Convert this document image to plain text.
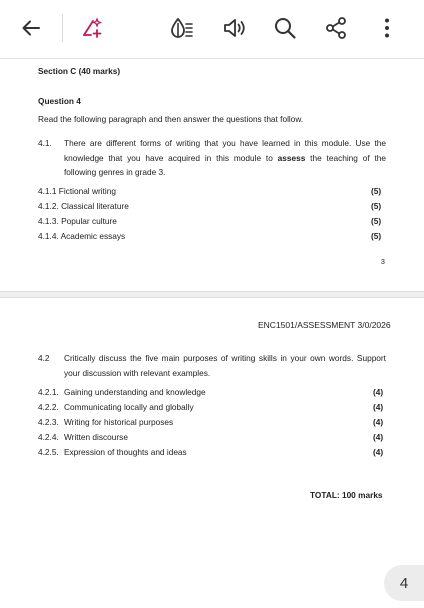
Section C (40 marks)
Question 4
Read the following paragraph and then answer the questions that follow.
4.1. There are different forms of writing that you have learned in this module. Use the knowledge that you have acquired in this module to assess the teaching of the following genres in grade 3.
4.1.1 Fictional writing	(5)
4.1.2. Classical literature	(5)
4.1.3. Popular culture	(5)
4.1.4. Academic essays	(5)
3
ENC1501/ASSESSMENT 3/0/2026
4.2 Critically discuss the five main purposes of writing skills in your own words. Support your discussion with relevant examples.
4.2.1. Gaining understanding and knowledge	(4)
4.2.2. Communicating locally and globally	(4)
4.2.3. Writing for historical purposes	(4)
4.2.4. Written discourse	(4)
4.2.5. Expression of thoughts and ideas	(4)
TOTAL: 100 marks
4
